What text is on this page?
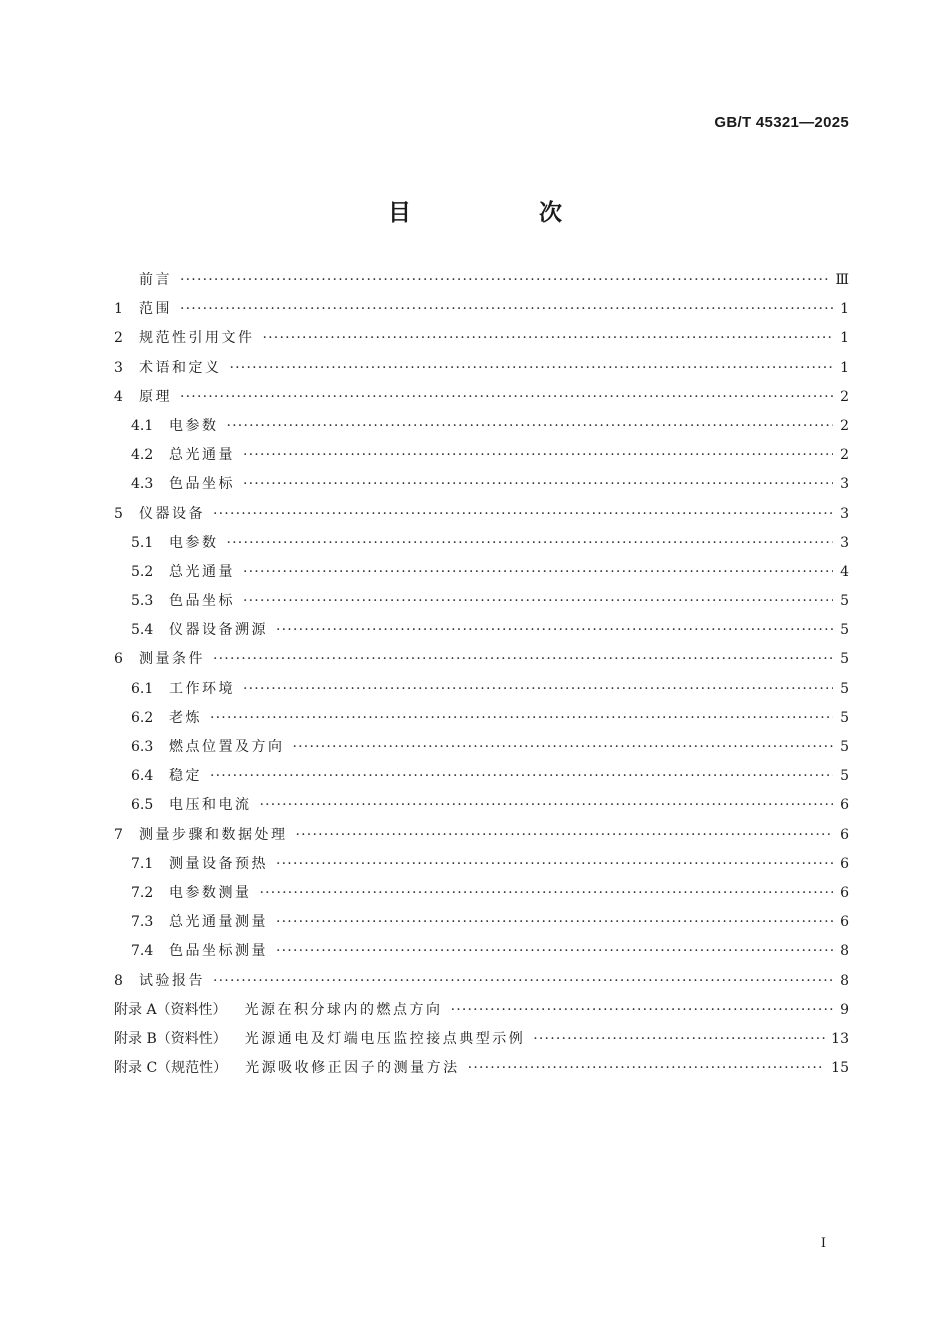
GB/T 45321—2025
目 次
前言 ·····	Ⅲ
1	范围 ·····	1
2	规范性引用文件 ·····	1
3	术语和定义 ·····	1
4	原理 ·····	2
4.1	电参数 ·····	2
4.2	总光通量 ·····	2
4.3	色品坐标 ·····	3
5	仪器设备 ·····	3
5.1	电参数 ·····	3
5.2	总光通量 ·····	4
5.3	色品坐标 ·····	5
5.4	仪器设备溯源 ·····	5
6	测量条件 ·····	5
6.1	工作环境 ·····	5
6.2	老炼 ·····	5
6.3	燃点位置及方向 ·····	5
6.4	稳定 ·····	5
6.5	电压和电流 ·····	6
7	测量步骤和数据处理 ·····	6
7.1	测量设备预热 ·····	6
7.2	电参数测量 ·····	6
7.3	总光通量测量 ·····	6
7.4	色品坐标测量 ·····	8
8	试验报告 ·····	8
附录 A（资料性） 光源在积分球内的燃点方向 ·····	9
附录 B（资料性） 光源通电及灯端电压监控接点典型示例 ·····	13
附录 C（规范性） 光源吸收修正因子的测量方法 ·····	15
I
